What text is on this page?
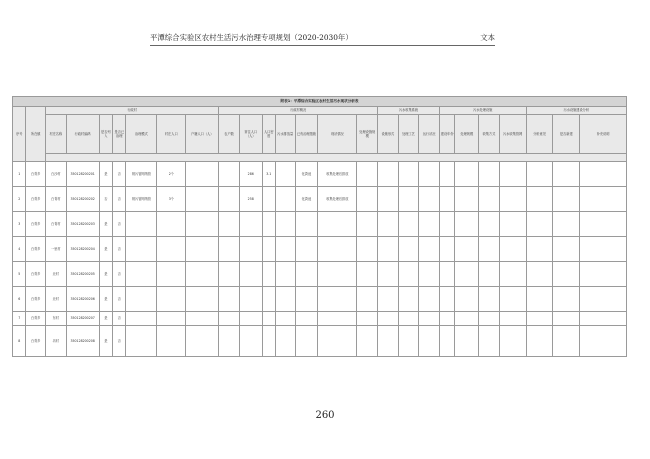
平潭综合实验区农村生活污水治理专项规划（2020-2030年）	文本
附表1：平潭综合实验区农村生活污水现状分析表																									
序号	所在镇	行政村							行政村概况							污水收集系统			污水处理设施				污水设施建设分析		
		村庄名称	行政村编码	是否列入	是否已治理	治理模式	村庄人口	户籍人口（人）	农户数	常住人口（人）	人口密度	污水排放量	已有治理措施	现状情况	处理设施规模	设施形式	处理工艺	运行状况	建设年份	处理规模	收集方式	污水收集管网	分析意见	是否新建	补充说明

1	白青乡	白沙村	350128200201	是	否	纳污管网纳管	2个			286	3.1		化粪池	收集处理后排放											
2	白青乡	白青村	350128200202	否	否	纳污管网纳管	3个			258			化粪池	收集处理后排放											
3	白青乡	白青村	350128200203	是	否																				
4	白青乡	一里村	350128200204	是	否																				
5	白青乡	北村	350128200205	是	否																				
6	白青乡	北村	350128200206	是	否																				
7	白青乡	东村	350128200207	是	否																				
8	白青乡	坊村	350128200208	是	否																				
260
